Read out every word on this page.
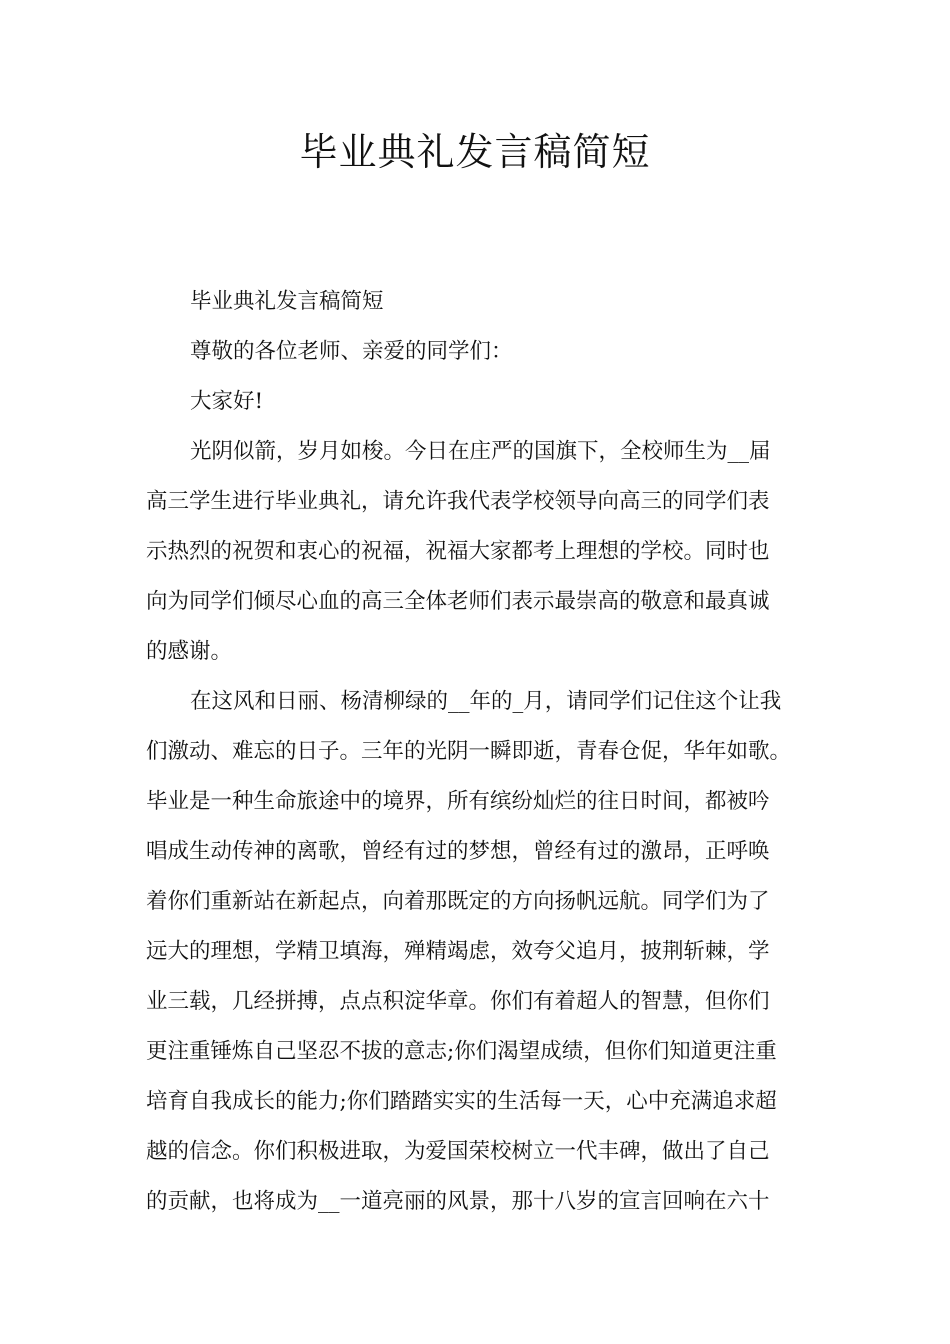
毕业典礼发言稿简短
毕业典礼发言稿简短
尊敬的各位老师、亲爱的同学们：
大家好!
光阴似箭，岁月如梭。今日在庄严的国旗下，全校师生为__届
高三学生进行毕业典礼，请允许我代表学校领导向高三的同学们表
示热烈的祝贺和衷心的祝福，祝福大家都考上理想的学校。同时也
向为同学们倾尽心血的高三全体老师们表示最崇高的敬意和最真诚
的感谢。
在这风和日丽、杨清柳绿的__年的_月，请同学们记住这个让我
们激动、难忘的日子。三年的光阴一瞬即逝，青春仓促，华年如歌。
毕业是一种生命旅途中的境界，所有缤纷灿烂的往日时间，都被吟
唱成生动传神的离歌，曾经有过的梦想，曾经有过的激昂，正呼唤
着你们重新站在新起点，向着那既定的方向扬帆远航。同学们为了
远大的理想，学精卫填海，殚精竭虑，效夸父追月，披荆斩棘，学
业三载，几经拼搏，点点积淀华章。你们有着超人的智慧，但你们
更注重锤炼自己坚忍不拔的意志;你们渴望成绩，但你们知道更注重
培育自我成长的能力;你们踏踏实实的生活每一天，心中充满追求超
越的信念。你们积极进取，为爱国荣校树立一代丰碑，做出了自己
的贡献，也将成为__一道亮丽的风景，那十八岁的宣言回响在六十
